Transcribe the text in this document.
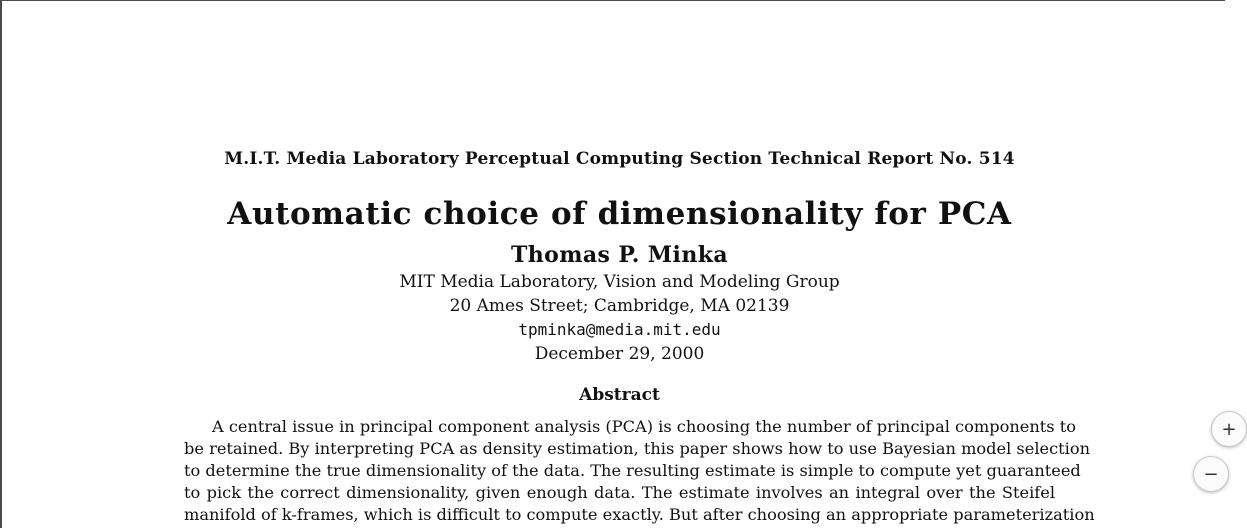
M.I.T. Media Laboratory Perceptual Computing Section Technical Report No. 514
Automatic choice of dimensionality for PCA
Thomas P. Minka
MIT Media Laboratory, Vision and Modeling Group
20 Ames Street; Cambridge, MA 02139
tpminka@media.mit.edu
December 29, 2000
Abstract
A central issue in principal component analysis (PCA) is choosing the number of principal components to
be retained. By interpreting PCA as density estimation, this paper shows how to use Bayesian model selection
to determine the true dimensionality of the data. The resulting estimate is simple to compute yet guaranteed
to pick the correct dimensionality, given enough data. The estimate involves an integral over the Steifel
manifold of k-frames, which is difficult to compute exactly. But after choosing an appropriate parameterization
+
−
